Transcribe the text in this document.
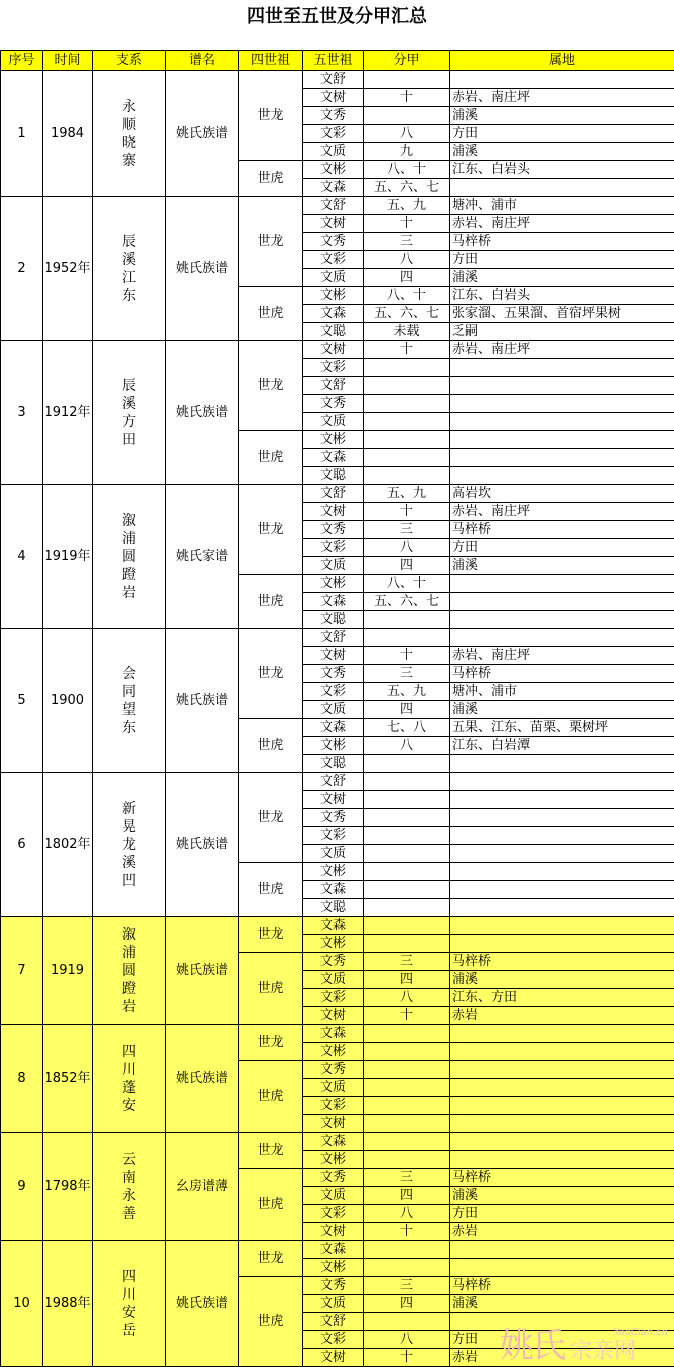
四世至五世及分甲汇总
序号	时间	支系	谱名	四世祖	五世祖	分甲	属地
1	1984	永
顺
晓
寨	姚氏族谱	世龙	文舒		
					文树	十	赤岩、南庄坪
					文秀		浦溪
					文彩	八	方田
					文质	九	浦溪
				世虎	文彬	八、十	江东、白岩头
					文森	五、六、七	
2	1952年	辰
溪
江
东	姚氏族谱	世龙	文舒	五、九	塘冲、浦市
					文树	十	赤岩、南庄坪
					文秀	三	马梓桥
					文彩	八	方田
					文质	四	浦溪
				世虎	文彬	八、十	江东、白岩头
					文森	五、六、七	张家溜、五果溜、首宿坪果树
					文聪	未载	乏嗣
3	1912年	辰
溪
方
田	姚氏族谱	世龙	文树	十	赤岩、南庄坪
					文彩		
					文舒		
					文秀		
					文质		
				世虎	文彬		
					文森		
					文聪		
4	1919年	溆
浦
圆
蹬
岩	姚氏家谱	世龙	文舒	五、九	高岩坎
					文树	十	赤岩、南庄坪
					文秀	三	马梓桥
					文彩	八	方田
					文质	四	浦溪
				世虎	文彬	八、十	
					文森	五、六、七	
					文聪		
5	1900	会
同
望
东	姚氏族谱	世龙	文舒		
					文树	十	赤岩、南庄坪
					文秀	三	马梓桥
					文彩	五、九	塘冲、浦市
					文质	四	浦溪
				世虎	文森	七、八	五果、江东、苗栗、栗树坪
					文彬	八	江东、白岩潭
					文聪		
6	1802年	新
晃
龙
溪
凹	姚氏族谱	世龙	文舒		
					文树		
					文秀		
					文彩		
					文质		
				世虎	文彬		
					文森		
					文聪		
7	1919	溆
浦
圆
蹬
岩	姚氏族谱	世龙	文森		
					文彬		
				世虎	文秀	三	马梓桥
					文质	四	浦溪
					文彩	八	江东、方田
					文树	十	赤岩
8	1852年	四
川
蓬
安	姚氏族谱	世龙	文森		
					文彬		
				世虎	文秀		
					文质		
					文彩		
					文树		
9	1798年	云
南
永
善	幺房谱薄	世龙	文森		
					文彬		
				世虎	文秀	三	马梓桥
					文质	四	浦溪
					文彩	八	方田
					文树	十	赤岩
10	1988年	四
川
安
岳	姚氏族谱	世龙	文森		
					文彬		
				世虎	文秀	三	马梓桥
					文质	四	浦溪
					文舒		
					文彩	八	方田
					文树	十	赤岩 姚氏	YaoClan.cn
宗亲网
